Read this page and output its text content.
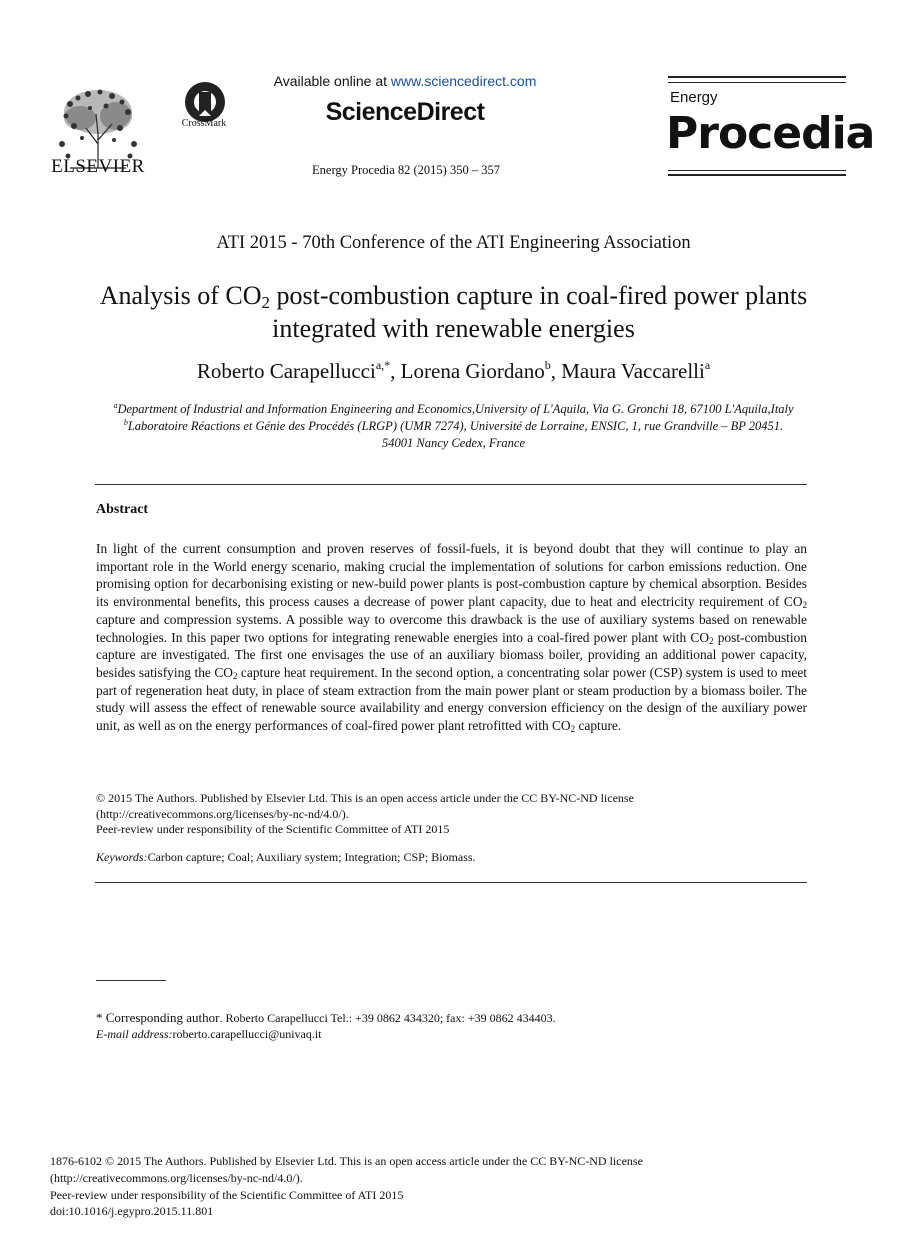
ELSEVIER
CrossMark
Available online at www.sciencedirect.com
ScienceDirect
Energy Procedia 82 (2015) 350 – 357
Energy
Procedia
ATI 2015 - 70th Conference of the ATI Engineering Association
Analysis of $CO_2$ post-combustion capture in coal-fired power plants integrated with renewable energies
Roberto Carapellucci$^{a,*}$, Lorena Giordano$^b$, Maura Vaccarelli$^a$

$^a$Department of Industrial and Information Engineering and Economics,University of L'Aquila, Via G. Gronchi 18, 67100 L'Aquila,Italy

$^b$Laboratoire Réactions et Génie des Procédés (LRGP) (UMR 7274), Université de Lorraine, ENSIC, 1, rue Grandville – BP 20451. 54001 Nancy Cedex, France

Abstract
In light of the current consumption and proven reserves of fossil-fuels, it is beyond doubt that they will continue to play an important role in the World energy scenario, making crucial the implementation of solutions for carbon emissions reduction. One promising option for decarbonising existing or new-build power plants is post-combustion capture by chemical absorption. Besides its environmental benefits, this process causes a decrease of power plant capacity, due to heat and electricity requirement of $CO_2$ capture and compression systems. A possible way to overcome this drawback is the use of auxiliary systems based on renewable technologies. In this paper two options for integrating renewable energies into a coal-fired power plant with $CO_2$ post-combustion capture are investigated. The first one envisages the use of an auxiliary biomass boiler, providing an additional power capacity, besides satisfying the $CO_2$ capture heat requirement. In the second option, a concentrating solar power (CSP) system is used to meet part of regeneration heat duty, in place of steam extraction from the main power plant or steam production by a biomass boiler. The study will assess the effect of renewable source availability and energy conversion efficiency on the design of the auxiliary power unit, as well as on the energy performances of coal-fired power plant retrofitted with $CO_2$ capture.

© 2015 The Authors. Published by Elsevier Ltd. This is an open access article under the CC BY-NC-ND license

(http://creativecommons.org/licenses/by-nc-nd/4.0/).

Peer-review under responsibility of the Scientific Committee of ATI 2015

Keywords:Carbon capture; Coal; Auxiliary system; Integration; CSP; Biomass.

* Corresponding author. Roberto Carapellucci Tel.: +39 0862 434320; fax: +39 0862 434403.

E-mail address:roberto.carapellucci@univaq.it

1876-6102 © 2015 The Authors. Published by Elsevier Ltd. This is an open access article under the CC BY-NC-ND license

(http://creativecommons.org/licenses/by-nc-nd/4.0/).

Peer-review under responsibility of the Scientific Committee of ATI 2015

doi:10.1016/j.egypro.2015.11.801
